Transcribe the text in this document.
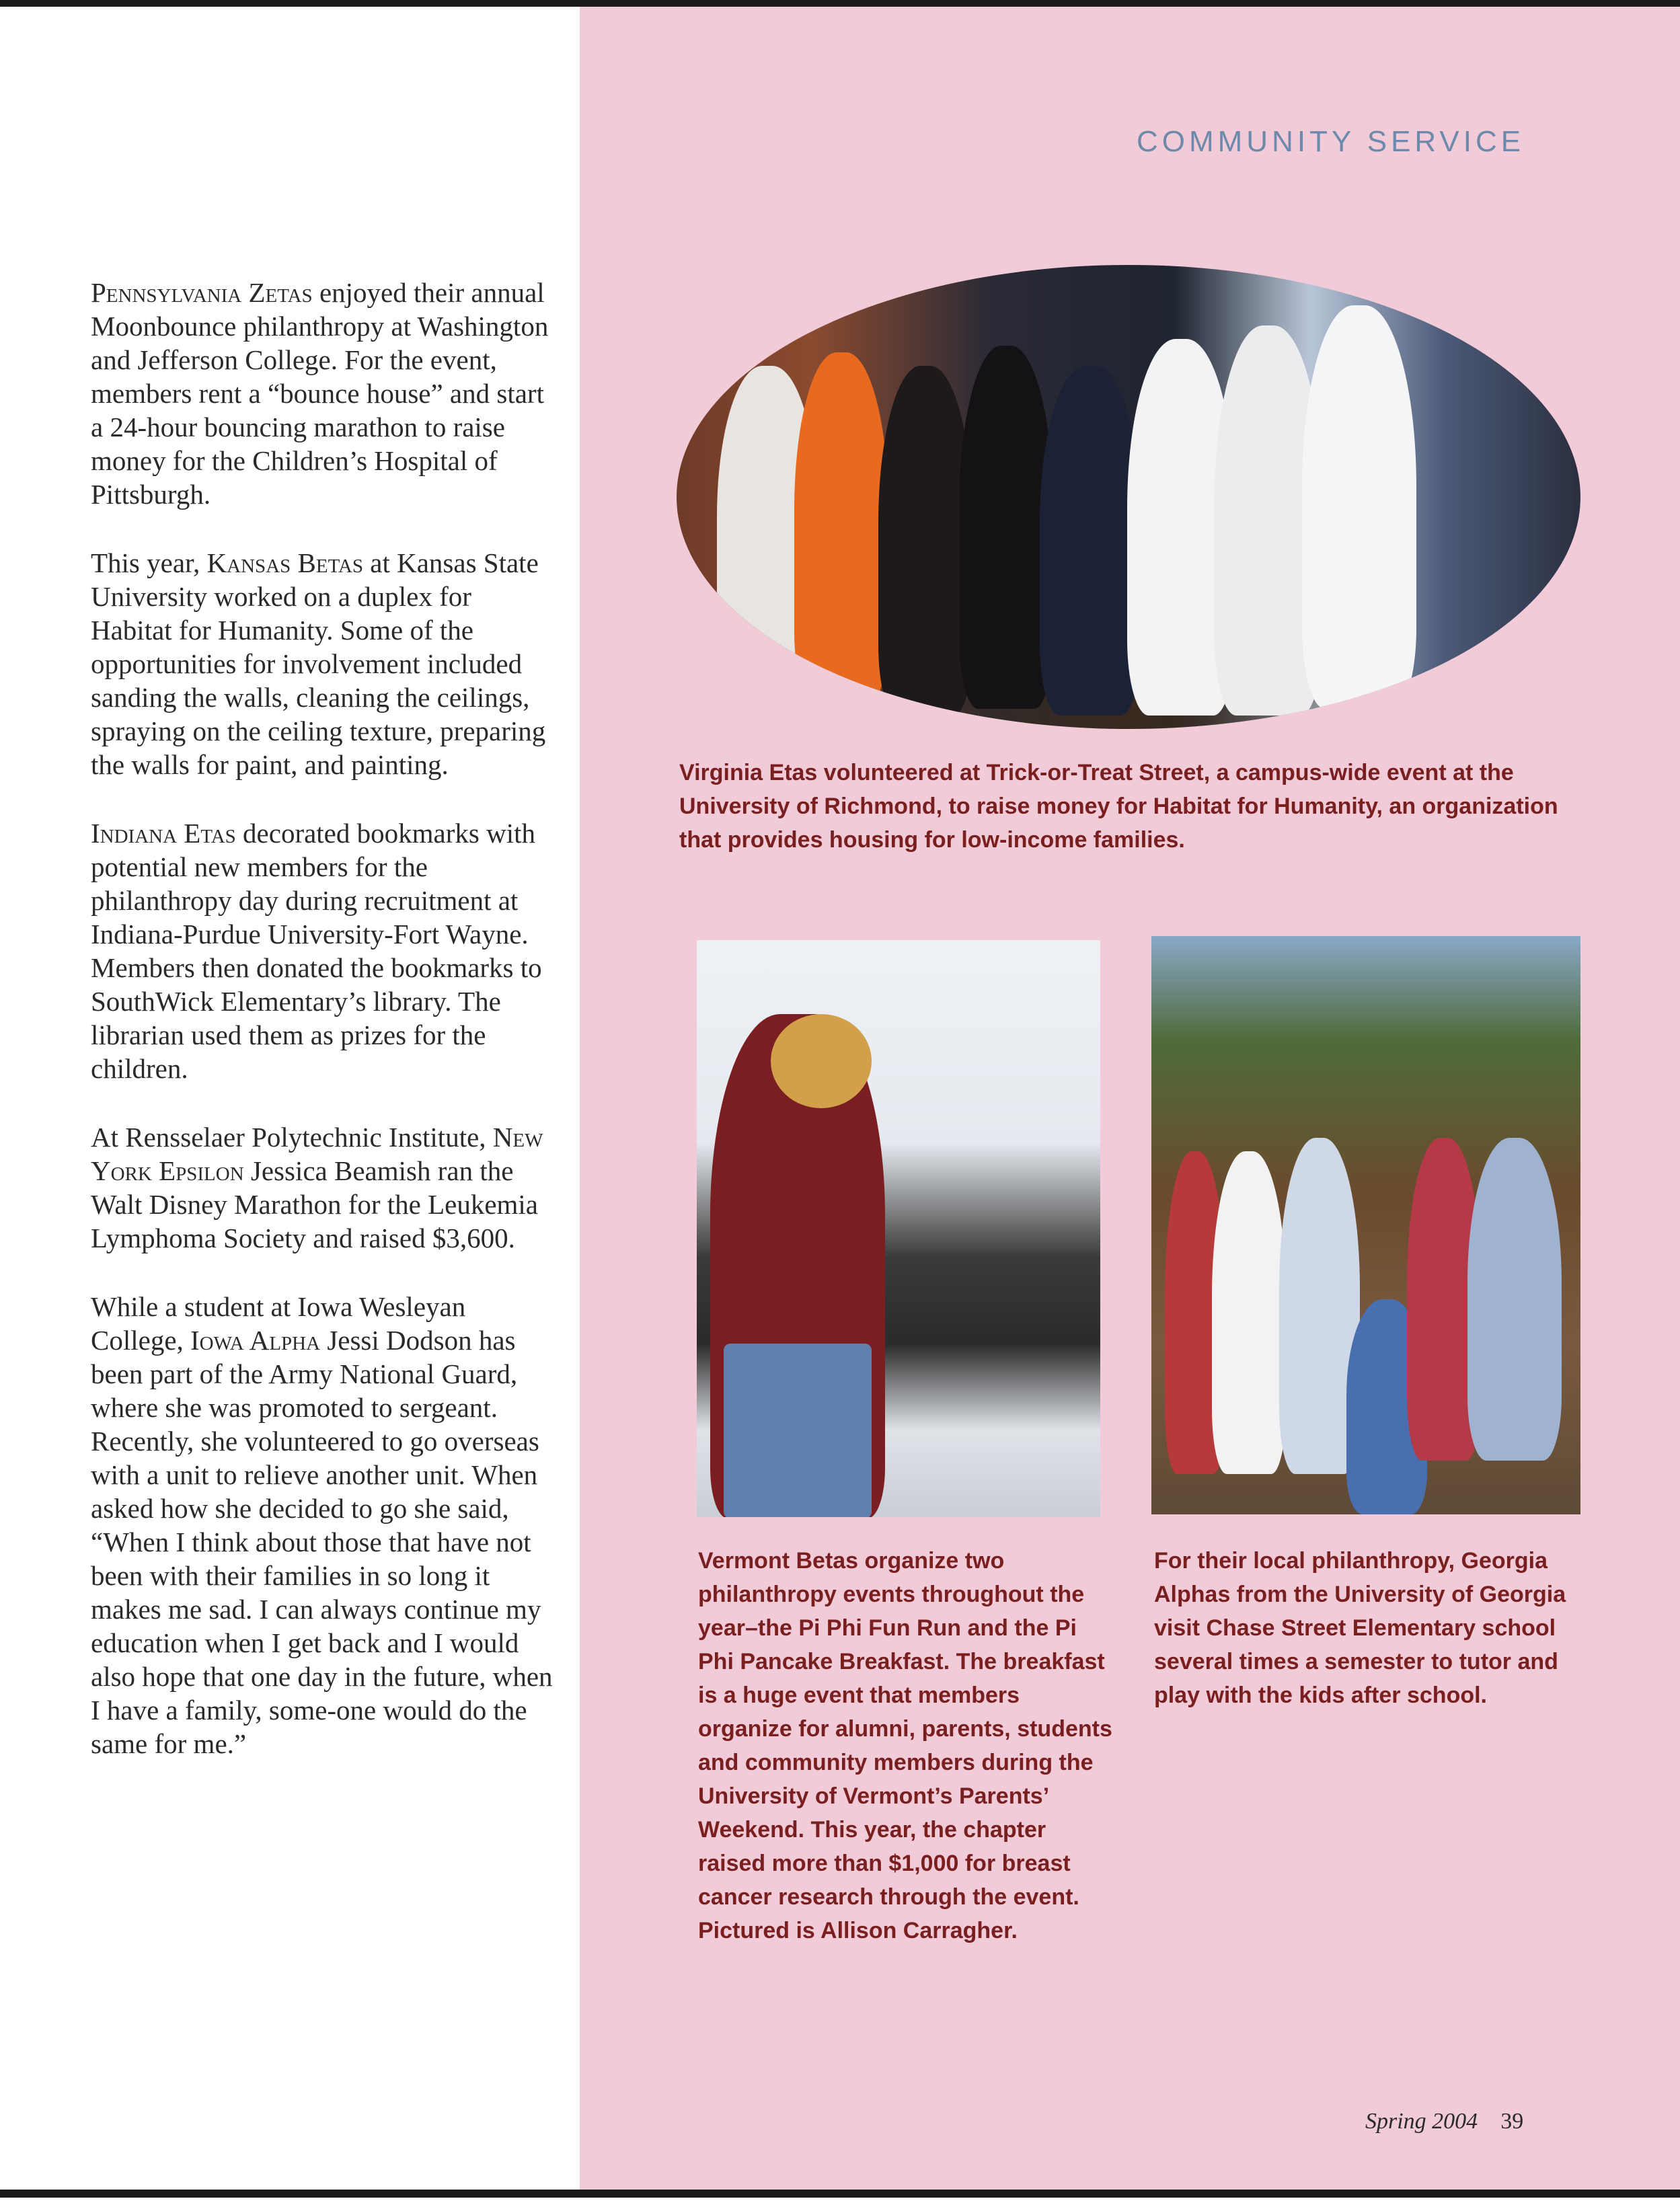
COMMUNITY SERVICE

Pennsylvania Zetas enjoyed their annual Moonbounce philanthropy at Washington and Jefferson College. For the event, members rent a “bounce house” and start a 24-hour bouncing marathon to raise money for the Children’s Hospital of Pittsburgh.

This year, Kansas Betas at Kansas State University worked on a duplex for Habitat for Humanity. Some of the opportunities for involvement included sanding the walls, cleaning the ceilings, spraying on the ceiling texture, preparing the walls for paint, and painting.

Indiana Etas decorated bookmarks with potential new members for the philanthropy day during recruitment at Indiana-Purdue University-Fort Wayne. Members then donated the bookmarks to SouthWick Elementary’s library. The librarian used them as prizes for the children.

At Rensselaer Polytechnic Institute, New York Epsilon Jessica Beamish ran the Walt Disney Marathon for the Leukemia Lymphoma Society and raised $3,600.

While a student at Iowa Wesleyan College, Iowa Alpha Jessi Dodson has been part of the Army National Guard, where she was promoted to sergeant. Recently, she volunteered to go overseas with a unit to relieve another unit. When asked how she decided to go she said, “When I think about those that have not been with their families in so long it makes me sad. I can always continue my education when I get back and I would also hope that one day in the future, when I have a family, some-one would do the same for me.”

Virginia Etas volunteered at Trick-or-Treat Street, a campus-wide event at the University of Richmond, to raise money for Habitat for Humanity, an organization that provides housing for low-income families.
Vermont Betas organize two philanthropy events throughout the year–the Pi Phi Fun Run and the Pi Phi Pancake Breakfast. The breakfast is a huge event that members organize for alumni, parents, students and community members during the University of Vermont’s Parents’ Weekend. This year, the chapter raised more than $1,000 for breast cancer research through the event. Pictured is Allison Carragher.
For their local philanthropy, Georgia Alphas from the University of Georgia visit Chase Street Elementary school several times a semester to tutor and play with the kids after school.
Spring 2004 39
